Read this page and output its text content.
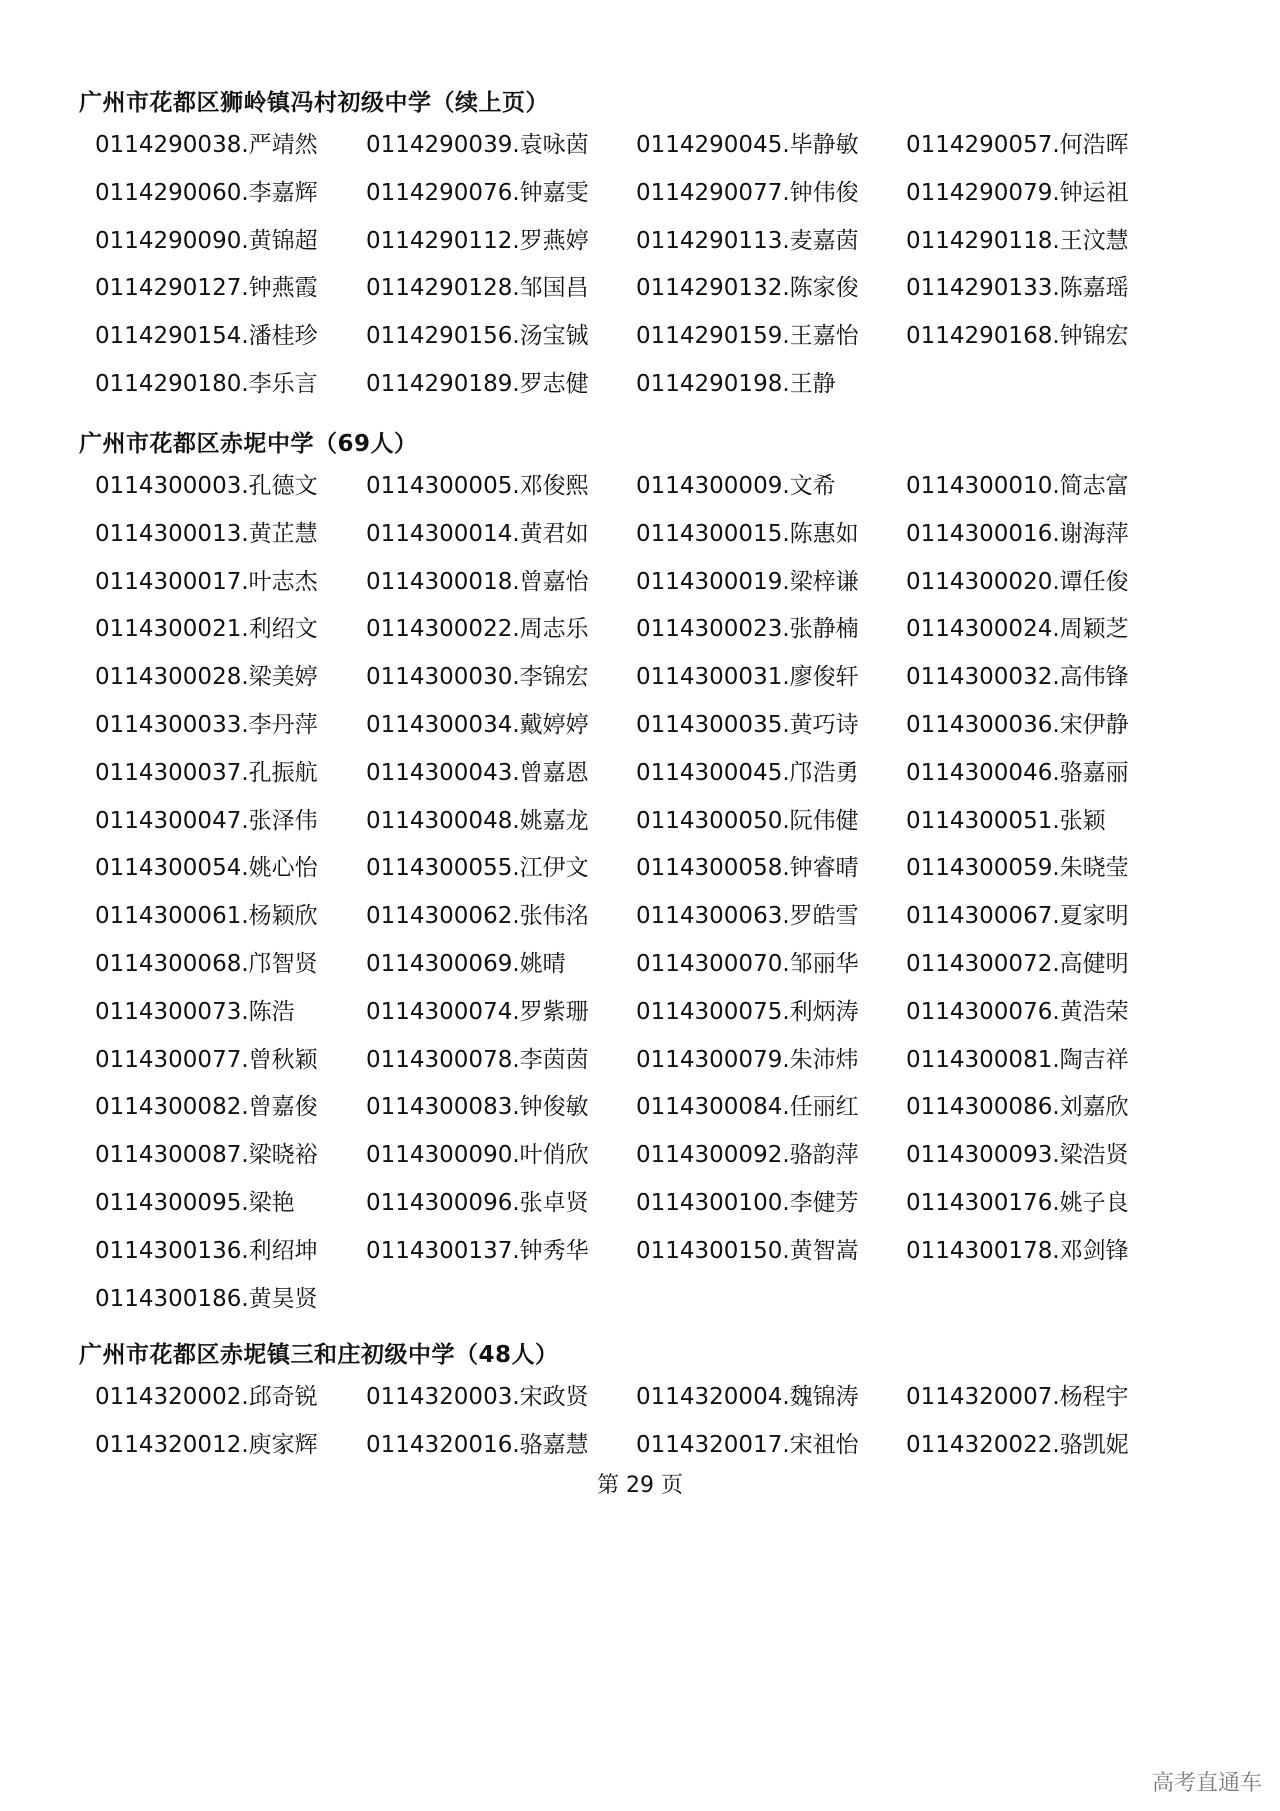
广州市花都区狮岭镇冯村初级中学（续上页）
0114290038.严靖然 0114290039.袁咏茵 0114290045.毕静敏 0114290057.何浩晖
0114290060.李嘉辉 0114290076.钟嘉雯 0114290077.钟伟俊 0114290079.钟运祖
0114290090.黄锦超 0114290112.罗燕婷 0114290113.麦嘉茵 0114290118.王汶慧
0114290127.钟燕霞 0114290128.邹国昌 0114290132.陈家俊 0114290133.陈嘉瑶
0114290154.潘桂珍 0114290156.汤宝铖 0114290159.王嘉怡 0114290168.钟锦宏
0114290180.李乐言 0114290189.罗志健 0114290198.王静
广州市花都区赤坭中学（69人）
0114300003.孔德文 0114300005.邓俊熙 0114300009.文希	0114300010.简志富
0114300013.黄芷慧 0114300014.黄君如 0114300015.陈惠如 0114300016.谢海萍
0114300017.叶志杰 0114300018.曾嘉怡 0114300019.梁梓谦 0114300020.谭任俊
0114300021.利绍文 0114300022.周志乐 0114300023.张静楠 0114300024.周颖芝
0114300028.梁美婷 0114300030.李锦宏 0114300031.廖俊轩 0114300032.高伟锋
0114300033.李丹萍 0114300034.戴婷婷 0114300035.黄巧诗 0114300036.宋伊静
0114300037.孔振航 0114300043.曾嘉恩 0114300045.邝浩勇 0114300046.骆嘉丽
0114300047.张泽伟 0114300048.姚嘉龙 0114300050.阮伟健 0114300051.张颖
0114300054.姚心怡 0114300055.江伊文 0114300058.钟睿晴 0114300059.朱晓莹
0114300061.杨颖欣 0114300062.张伟洺 0114300063.罗皓雪 0114300067.夏家明
0114300068.邝智贤 0114300069.姚晴	0114300070.邹丽华 0114300072.高健明
0114300073.陈浩	0114300074.罗紫珊 0114300075.利炳涛 0114300076.黄浩荣
0114300077.曾秋颖 0114300078.李茵茵 0114300079.朱沛炜 0114300081.陶吉祥
0114300082.曾嘉俊 0114300083.钟俊敏 0114300084.任丽红 0114300086.刘嘉欣
0114300087.梁晓裕 0114300090.叶俏欣 0114300092.骆韵萍 0114300093.梁浩贤
0114300095.梁艳	0114300096.张卓贤 0114300100.李健芳 0114300176.姚子良
0114300136.利绍坤 0114300137.钟秀华 0114300150.黄智嵩 0114300178.邓剑锋
0114300186.黄昊贤
广州市花都区赤坭镇三和庄初级中学（48人）
0114320002.邱奇锐 0114320003.宋政贤 0114320004.魏锦涛 0114320007.杨程宇
0114320012.庾家辉 0114320016.骆嘉慧 0114320017.宋祖怡 0114320022.骆凯妮
第 29 页
高考直通车
